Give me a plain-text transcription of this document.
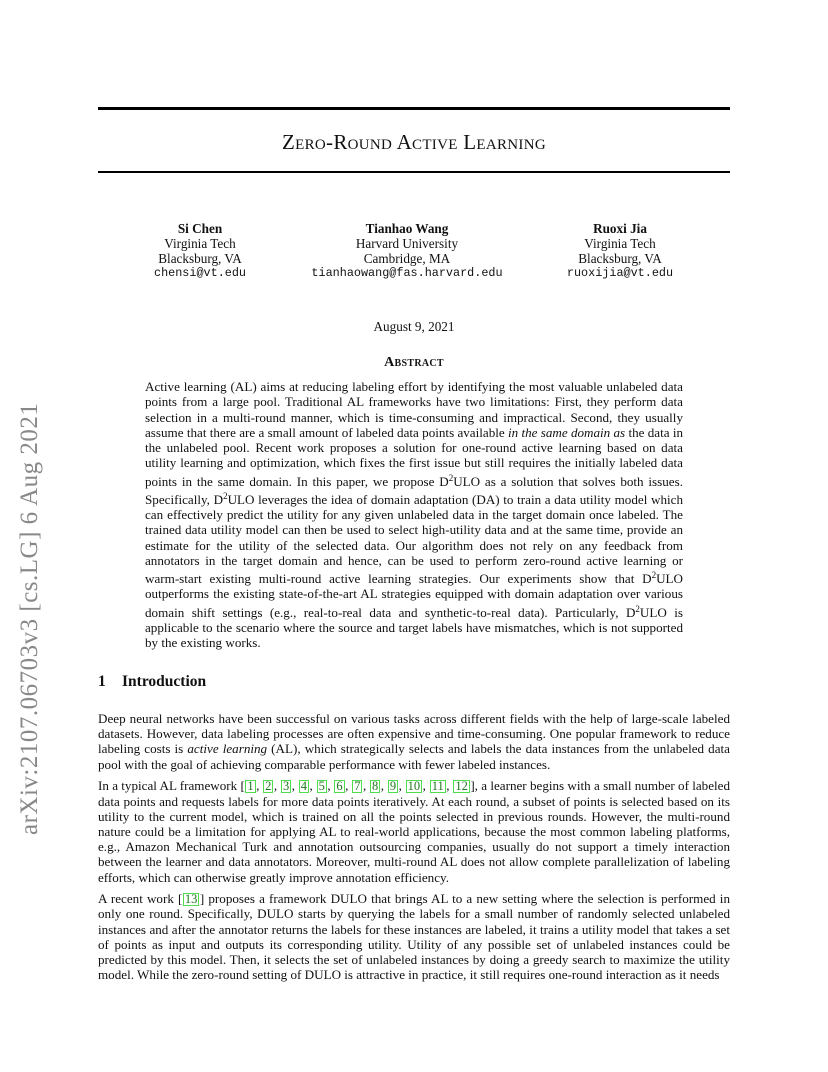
arXiv:2107.06703v3 [cs.LG] 6 Aug 2021
Zero-Round Active Learning
Si Chen
Virginia Tech
Blacksburg, VA
chensi@vt.edu
Tianhao Wang
Harvard University
Cambridge, MA
tianhaowang@fas.harvard.edu
Ruoxi Jia
Virginia Tech
Blacksburg, VA
ruoxijia@vt.edu
August 9, 2021
Abstract
Active learning (AL) aims at reducing labeling effort by identifying the most valuable unlabeled data points from a large pool. Traditional AL frameworks have two limitations: First, they perform data selection in a multi-round manner, which is time-consuming and impractical. Second, they usually assume that there are a small amount of labeled data points available in the same domain as the data in the unlabeled pool. Recent work proposes a solution for one-round active learning based on data utility learning and optimization, which fixes the first issue but still requires the initially labeled data points in the same domain. In this paper, we propose $D^2ULO$ as a solution that solves both issues. Specifically, $D^2ULO$ leverages the idea of domain adaptation (DA) to train a data utility model which can effectively predict the utility for any given unlabeled data in the target domain once labeled. The trained data utility model can then be used to select high-utility data and at the same time, provide an estimate for the utility of the selected data. Our algorithm does not rely on any feedback from annotators in the target domain and hence, can be used to perform zero-round active learning or warm-start existing multi-round active learning strategies. Our experiments show that $D^2ULO$ outperforms the existing state-of-the-art AL strategies equipped with domain adaptation over various domain shift settings (e.g., real-to-real data and synthetic-to-real data). Particularly, $D^2ULO$ is applicable to the scenario where the source and target labels have mismatches, which is not supported by the existing works.
1 Introduction

Deep neural networks have been successful on various tasks across different fields with the help of large-scale labeled datasets. However, data labeling processes are often expensive and time-consuming. One popular framework to reduce labeling costs is active learning (AL), which strategically selects and labels the data instances from the unlabeled data pool with the goal of achieving comparable performance with fewer labeled instances.

In a typical AL framework [ 1 , 2 , 3 , 4 , 5 , 6 , 7 , 8 , 9 , 10 , 11 , 12 ], a learner begins with a small number of labeled data points and requests labels for more data points iteratively. At each round, a subset of points is selected based on its utility to the current model, which is trained on all the points selected in previous rounds. However, the multi-round nature could be a limitation for applying AL to real-world applications, because the most common labeling platforms, e.g., Amazon Mechanical Turk and annotation outsourcing companies, usually do not support a timely interaction between the learner and data annotators. Moreover, multi-round AL does not allow complete parallelization of labeling efforts, which can otherwise greatly improve annotation efficiency.

A recent work [ 13 ] proposes a framework DULO that brings AL to a new setting where the selection is performed in only one round. Specifically, DULO starts by querying the labels for a small number of randomly selected unlabeled instances and after the annotator returns the labels for these instances are labeled, it trains a utility model that takes a set of points as input and outputs its corresponding utility. Utility of any possible set of unlabeled instances could be predicted by this model. Then, it selects the set of unlabeled instances by doing a greedy search to maximize the utility model. While the zero-round setting of DULO is attractive in practice, it still requires one-round interaction as it needs
